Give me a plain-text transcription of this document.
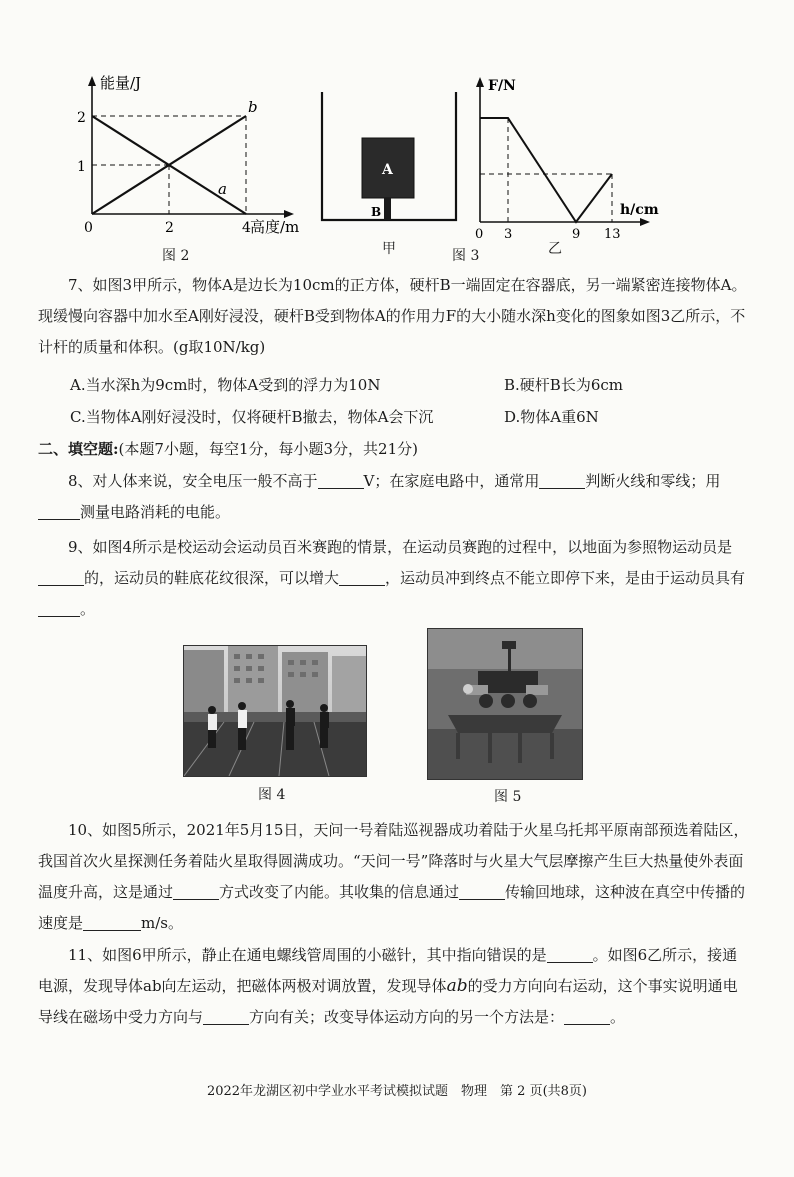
能量/J
高度/m
2
1
0	2	4
a
b
图 2
A
B
甲	图 3
F/N
h/cm
0 3	9 13
乙

7、如图3甲所示，物体A是边长为10cm的正方体，硬杆B一端固定在容器底，另一端紧密连接物体A。现缓慢向容器中加水至A刚好浸没，硬杆B受到物体A的作用力F的大小随水深h变化的图象如图3乙所示，不计杆的质量和体积。(g取10N/kg)

A.当水深h为9cm时，物体A受到的浮力为10N	B.硬杆B长为6cm
C.当物体A刚好浸没时，仅将硬杆B撤去，物体A会下沉	D.物体A重6N
二、填空题:(本题7小题，每空1分，每小题3分，共21分)

8、对人体来说，安全电压一般不高于	V；在家庭电路中，通常用	判断火线和零线；用测量电路消耗的电能。

9、如图4所示是校运动会运动员百米赛跑的情景，在运动员赛跑的过程中，以地面为参照物运动员是的，运动员的鞋底花纹很深，可以增大	，运动员冲到终点不能立即停下来，是由于运动员具有。

图 4	图 5

10、如图5所示，2021年5月15日，天问一号着陆巡视器成功着陆于火星乌托邦平原南部预选着陆区，我国首次火星探测任务着陆火星取得圆满成功。“天问一号”降落时与火星大气层摩擦产生巨大热量使外表面温度升高，这是通过	方式改变了内能。其收集的信息通过	传输回地球，这种波在真空中传播的速度是	m/s。

11、如图6甲所示，静止在通电螺线管周围的小磁针，其中指向错误的是	。如图6乙所示，接通电源，发现导体ab向左运动，把磁体两极对调放置，发现导体ab的受力方向向右运动，这个事实说明通电导线在磁场中受力方向与	方向有关；改变导体运动方向的另一个方法是：	。

2022年龙湖区初中学业水平考试模拟试题　物理　第 2 页(共8页)
